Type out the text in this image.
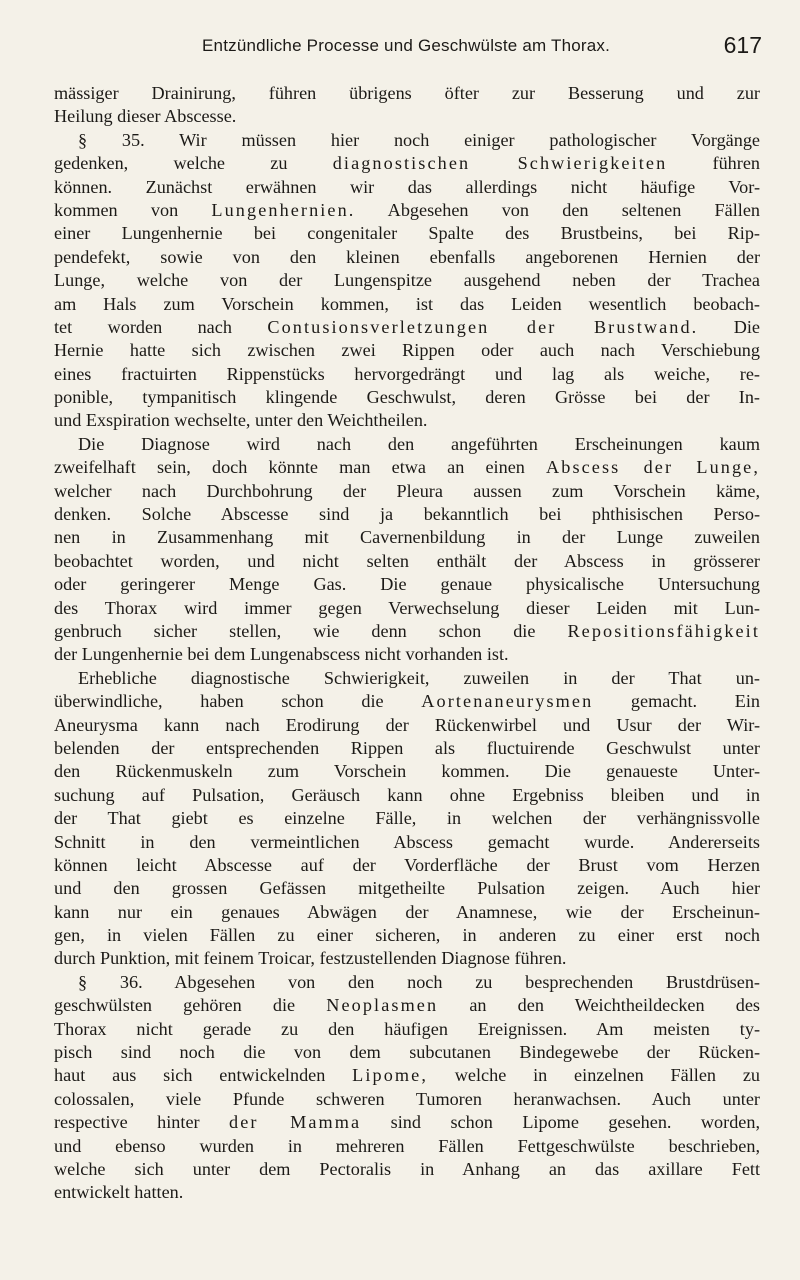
Entzündliche Processe und Geschwülste am Thorax.	617
mässiger Drainirung, führen übrigens öfter zur Besserung und zur
Heilung dieser Abscesse.
§ 35. Wir müssen hier noch einiger pathologischer Vorgänge
gedenken, welche zu diagnostischen Schwierigkeiten führen
können. Zunächst erwähnen wir das allerdings nicht häufige Vor-
kommen von Lungenhernien. Abgesehen von den seltenen Fällen
einer Lungenhernie bei congenitaler Spalte des Brustbeins, bei Rip-
pendefekt, sowie von den kleinen ebenfalls angeborenen Hernien der
Lunge, welche von der Lungenspitze ausgehend neben der Trachea
am Hals zum Vorschein kommen, ist das Leiden wesentlich beobach-
tet worden nach Contusionsverletzungen der Brustwand. Die
Hernie hatte sich zwischen zwei Rippen oder auch nach Verschiebung
eines fractuirten Rippenstücks hervorgedrängt und lag als weiche, re-
ponible, tympanitisch klingende Geschwulst, deren Grösse bei der In-
und Exspiration wechselte, unter den Weichtheilen.
Die Diagnose wird nach den angeführten Erscheinungen kaum
zweifelhaft sein, doch könnte man etwa an einen Abscess der Lunge,
welcher nach Durchbohrung der Pleura aussen zum Vorschein käme,
denken. Solche Abscesse sind ja bekanntlich bei phthisischen Perso-
nen in Zusammenhang mit Cavernenbildung in der Lunge zuweilen
beobachtet worden, und nicht selten enthält der Abscess in grösserer
oder geringerer Menge Gas. Die genaue physicalische Untersuchung
des Thorax wird immer gegen Verwechselung dieser Leiden mit Lun-
genbruch sicher stellen, wie denn schon die Repositionsfähigkeit
der Lungenhernie bei dem Lungenabscess nicht vorhanden ist.
Erhebliche diagnostische Schwierigkeit, zuweilen in der That un-
überwindliche, haben schon die Aortenaneurysmen gemacht. Ein
Aneurysma kann nach Erodirung der Rückenwirbel und Usur der Wir-
belenden der entsprechenden Rippen als fluctuirende Geschwulst unter
den Rückenmuskeln zum Vorschein kommen. Die genaueste Unter-
suchung auf Pulsation, Geräusch kann ohne Ergebniss bleiben und in
der That giebt es einzelne Fälle, in welchen der verhängnissvolle
Schnitt in den vermeintlichen Abscess gemacht wurde. Andererseits
können leicht Abscesse auf der Vorderfläche der Brust vom Herzen
und den grossen Gefässen mitgetheilte Pulsation zeigen. Auch hier
kann nur ein genaues Abwägen der Anamnese, wie der Erscheinun-
gen, in vielen Fällen zu einer sicheren, in anderen zu einer erst noch
durch Punktion, mit feinem Troicar, festzustellenden Diagnose führen.
§ 36. Abgesehen von den noch zu besprechenden Brustdrüsen-
geschwülsten gehören die Neoplasmen an den Weichtheildecken des
Thorax nicht gerade zu den häufigen Ereignissen. Am meisten ty-
pisch sind noch die von dem subcutanen Bindegewebe der Rücken-
haut aus sich entwickelnden Lipome, welche in einzelnen Fällen zu
colossalen, viele Pfunde schweren Tumoren heranwachsen. Auch unter
respective hinter der Mamma sind schon Lipome gesehen. worden,
und ebenso wurden in mehreren Fällen Fettgeschwülste beschrieben,
welche sich unter dem Pectoralis in Anhang an das axillare Fett
entwickelt hatten.
